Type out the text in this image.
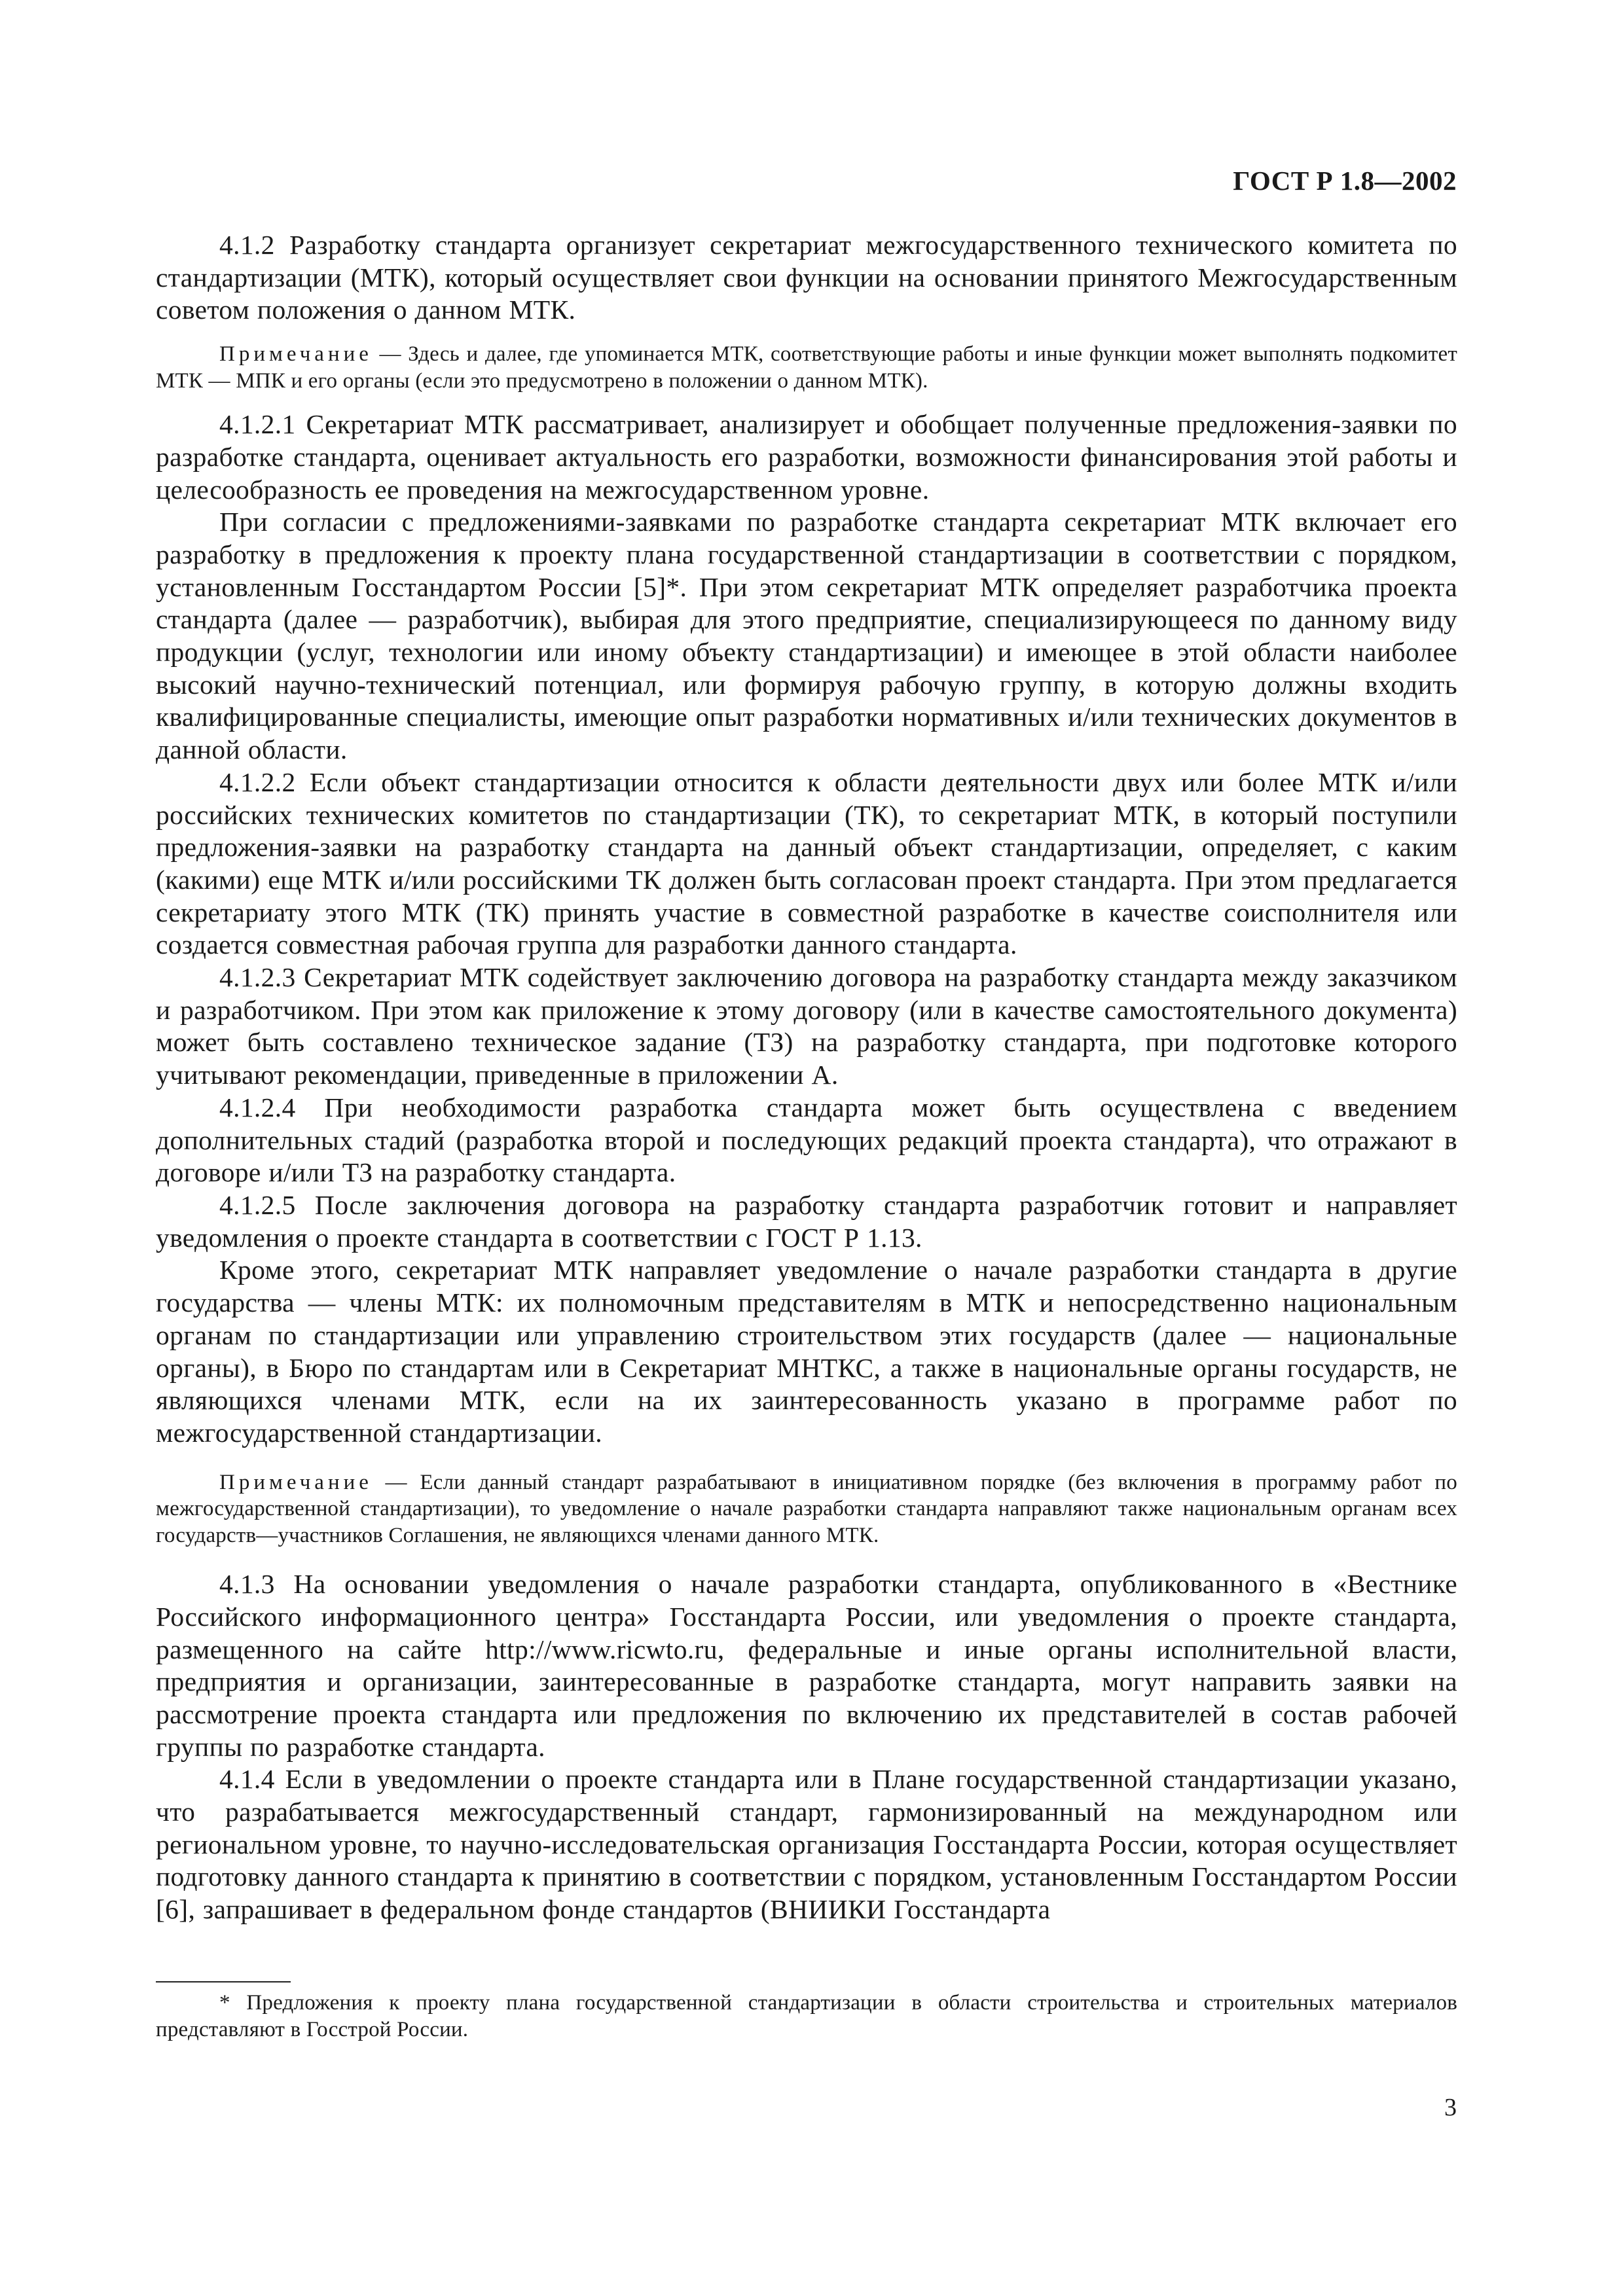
ГОСТ Р 1.8—2002

4.1.2 Разработку стандарта организует секретариат межгосударственного технического комитета по стандартизации (МТК), который осуществляет свои функции на основании принятого Межгосударственным советом положения о данном МТК.

Примечание — Здесь и далее, где упоминается МТК, соответствующие работы и иные функции может выполнять подкомитет МТК — МПК и его органы (если это предусмотрено в положении о данном МТК).

4.1.2.1 Секретариат МТК рассматривает, анализирует и обобщает полученные предложения-заявки по разработке стандарта, оценивает актуальность его разработки, возможности финансирования этой работы и целесообразность ее проведения на межгосударственном уровне.

При согласии с предложениями-заявками по разработке стандарта секретариат МТК включает его разработку в предложения к проекту плана государственной стандартизации в соответствии с порядком, установленным Госстандартом России [5]*. При этом секретариат МТК определяет разработчика проекта стандарта (далее — разработчик), выбирая для этого предприятие, специализирующееся по данному виду продукции (услуг, технологии или иному объекту стандартизации) и имеющее в этой области наиболее высокий научно-технический потенциал, или формируя рабочую группу, в которую должны входить квалифицированные специалисты, имеющие опыт разработки нормативных и/или технических документов в данной области.

4.1.2.2 Если объект стандартизации относится к области деятельности двух или более МТК и/или российских технических комитетов по стандартизации (ТК), то секретариат МТК, в который поступили предложения-заявки на разработку стандарта на данный объект стандартизации, определяет, с каким (какими) еще МТК и/или российскими ТК должен быть согласован проект стандарта. При этом предлагается секретариату этого МТК (ТК) принять участие в совместной разработке в качестве соисполнителя или создается совместная рабочая группа для разработки данного стандарта.

4.1.2.3 Секретариат МТК содействует заключению договора на разработку стандарта между заказчиком и разработчиком. При этом как приложение к этому договору (или в качестве самостоятельного документа) может быть составлено техническое задание (ТЗ) на разработку стандарта, при подготовке которого учитывают рекомендации, приведенные в приложении А.

4.1.2.4 При необходимости разработка стандарта может быть осуществлена с введением дополнительных стадий (разработка второй и последующих редакций проекта стандарта), что отражают в договоре и/или ТЗ на разработку стандарта.

4.1.2.5 После заключения договора на разработку стандарта разработчик готовит и направляет уведомления о проекте стандарта в соответствии с ГОСТ Р 1.13.

Кроме этого, секретариат МТК направляет уведомление о начале разработки стандарта в другие государства — члены МТК: их полномочным представителям в МТК и непосредственно национальным органам по стандартизации или управлению строительством этих государств (далее — национальные органы), в Бюро по стандартам или в Секретариат МНТКС, а также в национальные органы государств, не являющихся членами МТК, если на их заинтересованность указано в программе работ по межгосударственной стандартизации.

Примечание — Если данный стандарт разрабатывают в инициативном порядке (без включения в программу работ по межгосударственной стандартизации), то уведомление о начале разработки стандарта направляют также национальным органам всех государств—участников Соглашения, не являющихся членами данного МТК.

4.1.3 На основании уведомления о начале разработки стандарта, опубликованного в «Вестнике Российского информационного центра» Госстандарта России, или уведомления о проекте стандарта, размещенного на сайте http://www.ricwto.ru, федеральные и иные органы исполнительной власти, предприятия и организации, заинтересованные в разработке стандарта, могут направить заявки на рассмотрение проекта стандарта или предложения по включению их представителей в состав рабочей группы по разработке стандарта.

4.1.4 Если в уведомлении о проекте стандарта или в Плане государственной стандартизации указано, что разрабатывается межгосударственный стандарт, гармонизированный на международном или региональном уровне, то научно-исследовательская организация Госстандарта России, которая осуществляет подготовку данного стандарта к принятию в соответствии с порядком, установленным Госстандартом России [6], запрашивает в федеральном фонде стандартов (ВНИИКИ Госстандарта

* Предложения к проекту плана государственной стандартизации в области строительства и строительных материалов представляют в Госстрой России.

3
